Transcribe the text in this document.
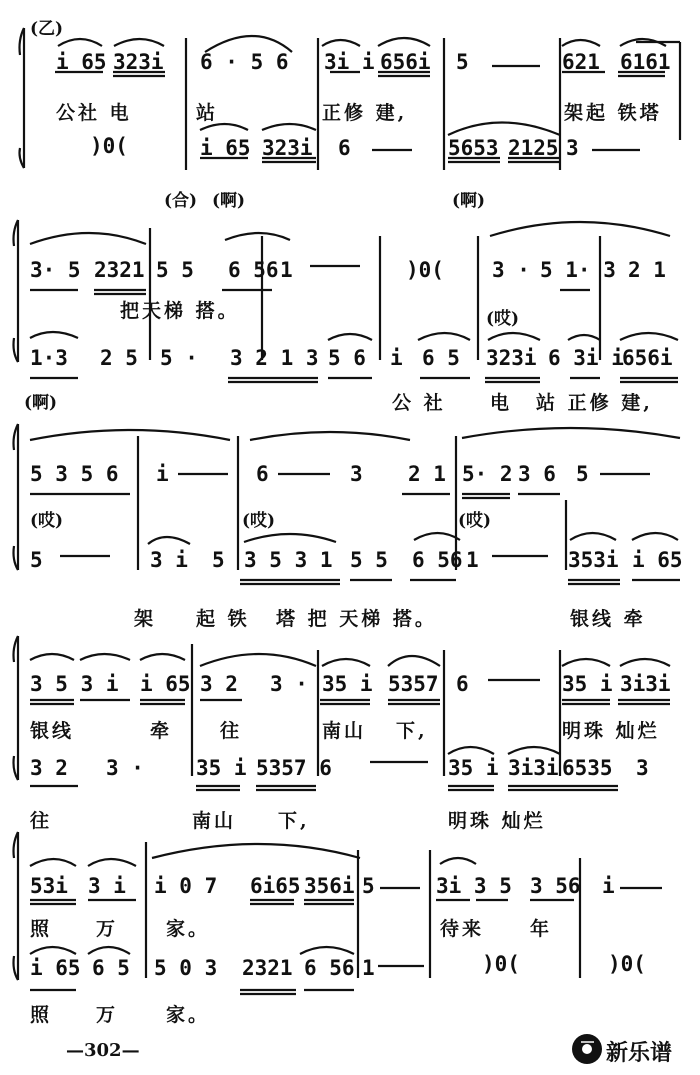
(乙)
i 65 323i 6 · 5 6 3i i 656i 5	621 6161
公社 电	站	正修 建,	架起 铁塔
)0(	i 65 323i 6	5653 2125 3
(合) (啊)	(啊)
3· 5 2321 5 5 6 56 1	)0( 3 · 5 1· 3 2 1
把天梯 搭。	(哎)
1·3 2 5 5 · 3 2 1 3 5 6 i 6 5 323i 6 3i i
656i
(啊)	公 社 电 站 正修 建,
5 3 5 6 i	6	3 2 1 5· 2 3 6 5
(哎)	(哎)	(哎)
5	3 i 5 3 5 3 1 5 5 6 56 1	353i i 65
架 起 铁 塔 把 天梯 搭。	银线 牵
3 5 3 i i 65 3 2 3 · 35 i 5357 6	35 i 3i3i
银线	牵	往	南山 下,	明珠 灿烂
3 2 3 · 35 i 5357 6	35 i 3i3i 6535 3
往	南山 下,	明珠 灿烂
53i 3 i i 0 7 6i65 356i 5	3i 3 5 3 56 i
照 万	家。	待来 年
i 65 6 5 5 0 3 2321 6 56 1	)0(	)0(
照 万	家。
—302—	新乐谱
